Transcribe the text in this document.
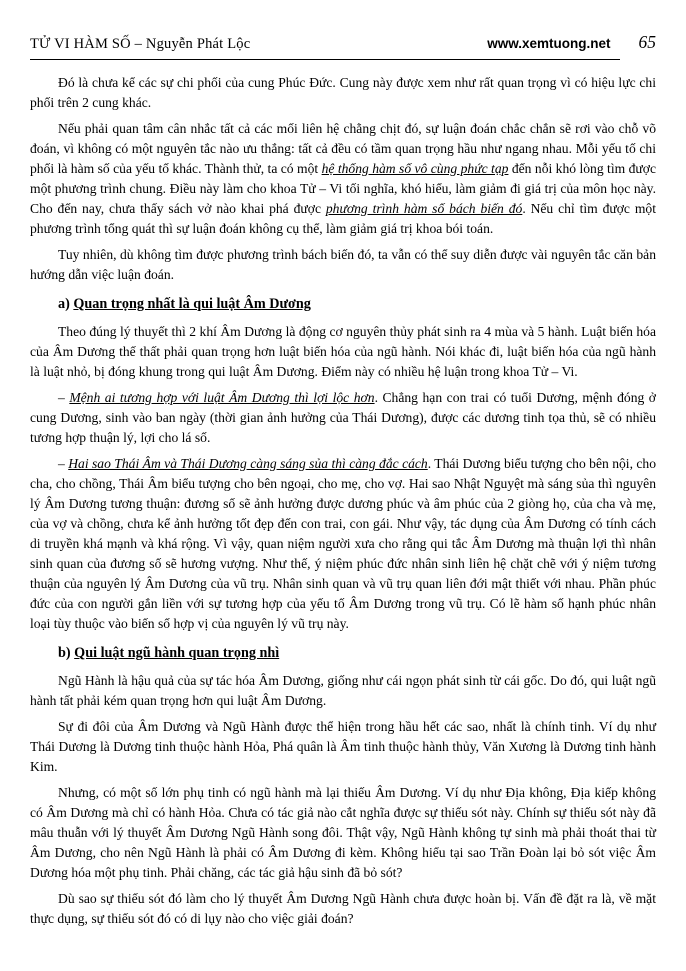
TỬ VI HÀM SỐ – Nguyễn Phát Lộc	www.xemtuong.net 65

Đó là chưa kể các sự chi phối của cung Phúc Đức. Cung này được xem như rất quan trọng vì có hiệu lực chi phối trên 2 cung khác.

Nếu phải quan tâm cân nhắc tất cả các mối liên hệ chằng chịt đó, sự luận đoán chắc chắn sẽ rơi vào chỗ võ đoán, vì không có một nguyên tắc nào ưu thắng: tất cả đều có tầm quan trọng hầu như ngang nhau. Mỗi yếu tố chi phối là hàm số của yếu tố khác. Thành thử, ta có một hệ thống hàm số vô cùng phức tạp đến nỗi khó lòng tìm được một phương trình chung. Điều này làm cho khoa Tử – Vi tối nghĩa, khó hiểu, làm giảm đi giá trị của môn học này. Cho đến nay, chưa thấy sách vở nào khai phá được phương trình hàm số bách biến đó. Nếu chỉ tìm được một phương trình tổng quát thì sự luận đoán không cụ thể, làm giảm giá trị khoa bói toán.

Tuy nhiên, dù không tìm được phương trình bách biến đó, ta vẫn có thể suy diễn được vài nguyên tắc căn bản hướng dẫn việc luận đoán.

a) Quan trọng nhất là qui luật Âm Dương

Theo đúng lý thuyết thì 2 khí Âm Dương là động cơ nguyên thủy phát sinh ra 4 mùa và 5 hành. Luật biến hóa của Âm Dương thế thất phải quan trọng hơn luật biến hóa của ngũ hành. Nói khác đi, luật biến hóa của ngũ hành là luật nhỏ, bị đóng khung trong qui luật Âm Dương. Điểm này có nhiều hệ luận trong khoa Tử – Vi.

– Mệnh ai tương hợp với luật Âm Dương thì lợi lộc hơn. Chẳng hạn con trai có tuổi Dương, mệnh đóng ở cung Dương, sinh vào ban ngày (thời gian ảnh hưởng của Thái Dương), được các dương tinh tọa thủ, sẽ có nhiều tương hợp thuận lý, lợi cho lá số.

– Hai sao Thái Âm và Thái Dương càng sáng sủa thì càng đắc cách. Thái Dương biểu tượng cho bên nội, cho cha, cho chồng, Thái Âm biểu tượng cho bên ngoại, cho mẹ, cho vợ. Hai sao Nhật Nguyệt mà sáng sủa thì nguyên lý Âm Dương tương thuận: đương số sẽ ảnh hưởng được dương phúc và âm phúc của 2 giòng họ, của cha và mẹ, của vợ và chồng, chưa kể ảnh hưởng tốt đẹp đến con trai, con gái. Như vậy, tác dụng của Âm Dương có tính cách di truyền khá mạnh và khá rộng. Vì vậy, quan niệm người xưa cho rằng qui tắc Âm Dương mà thuận lợi thì nhân sinh quan của đương số sẽ hương vượng. Như thế, ý niệm phúc đức nhân sinh liên hệ chặt chẽ với ý niệm tương thuận của nguyên lý Âm Dương của vũ trụ. Nhân sinh quan và vũ trụ quan liên đới mật thiết với nhau. Phần phúc đức của con người gắn liền với sự tương hợp của yếu tố Âm Dương trong vũ trụ. Có lẽ hàm số hạnh phúc nhân loại tùy thuộc vào biến số hợp vị của nguyên lý vũ trụ này.

b) Qui luật ngũ hành quan trọng nhì

Ngũ Hành là hậu quả của sự tác hóa Âm Dương, giống như cái ngọn phát sinh từ cái gốc. Do đó, qui luật ngũ hành tất phải kém quan trọng hơn qui luật Âm Dương.

Sự đi đôi của Âm Dương và Ngũ Hành được thể hiện trong hầu hết các sao, nhất là chính tinh. Ví dụ như Thái Dương là Dương tinh thuộc hành Hỏa, Phá quân là Âm tinh thuộc hành thủy, Văn Xương là Dương tinh hành Kim.

Nhưng, có một số lớn phụ tinh có ngũ hành mà lại thiếu Âm Dương. Ví dụ như Địa không, Địa kiếp không có Âm Dương mà chỉ có hành Hỏa. Chưa có tác giả nào cắt nghĩa được sự thiếu sót này. Chính sự thiếu sót này đã mâu thuẫn với lý thuyết Âm Dương Ngũ Hành song đôi. Thật vậy, Ngũ Hành không tự sinh mà phải thoát thai từ Âm Dương, cho nên Ngũ Hành là phải có Âm Dương đi kèm. Không hiểu tại sao Trần Đoàn lại bỏ sót việc Âm Dương hóa một phụ tinh. Phải chăng, các tác giả hậu sinh đã bỏ sót?

Dù sao sự thiếu sót đó làm cho lý thuyết Âm Dương Ngũ Hành chưa được hoàn bị. Vấn đề đặt ra là, về mặt thực dụng, sự thiếu sót đó có di lụy nào cho việc giải đoán?
